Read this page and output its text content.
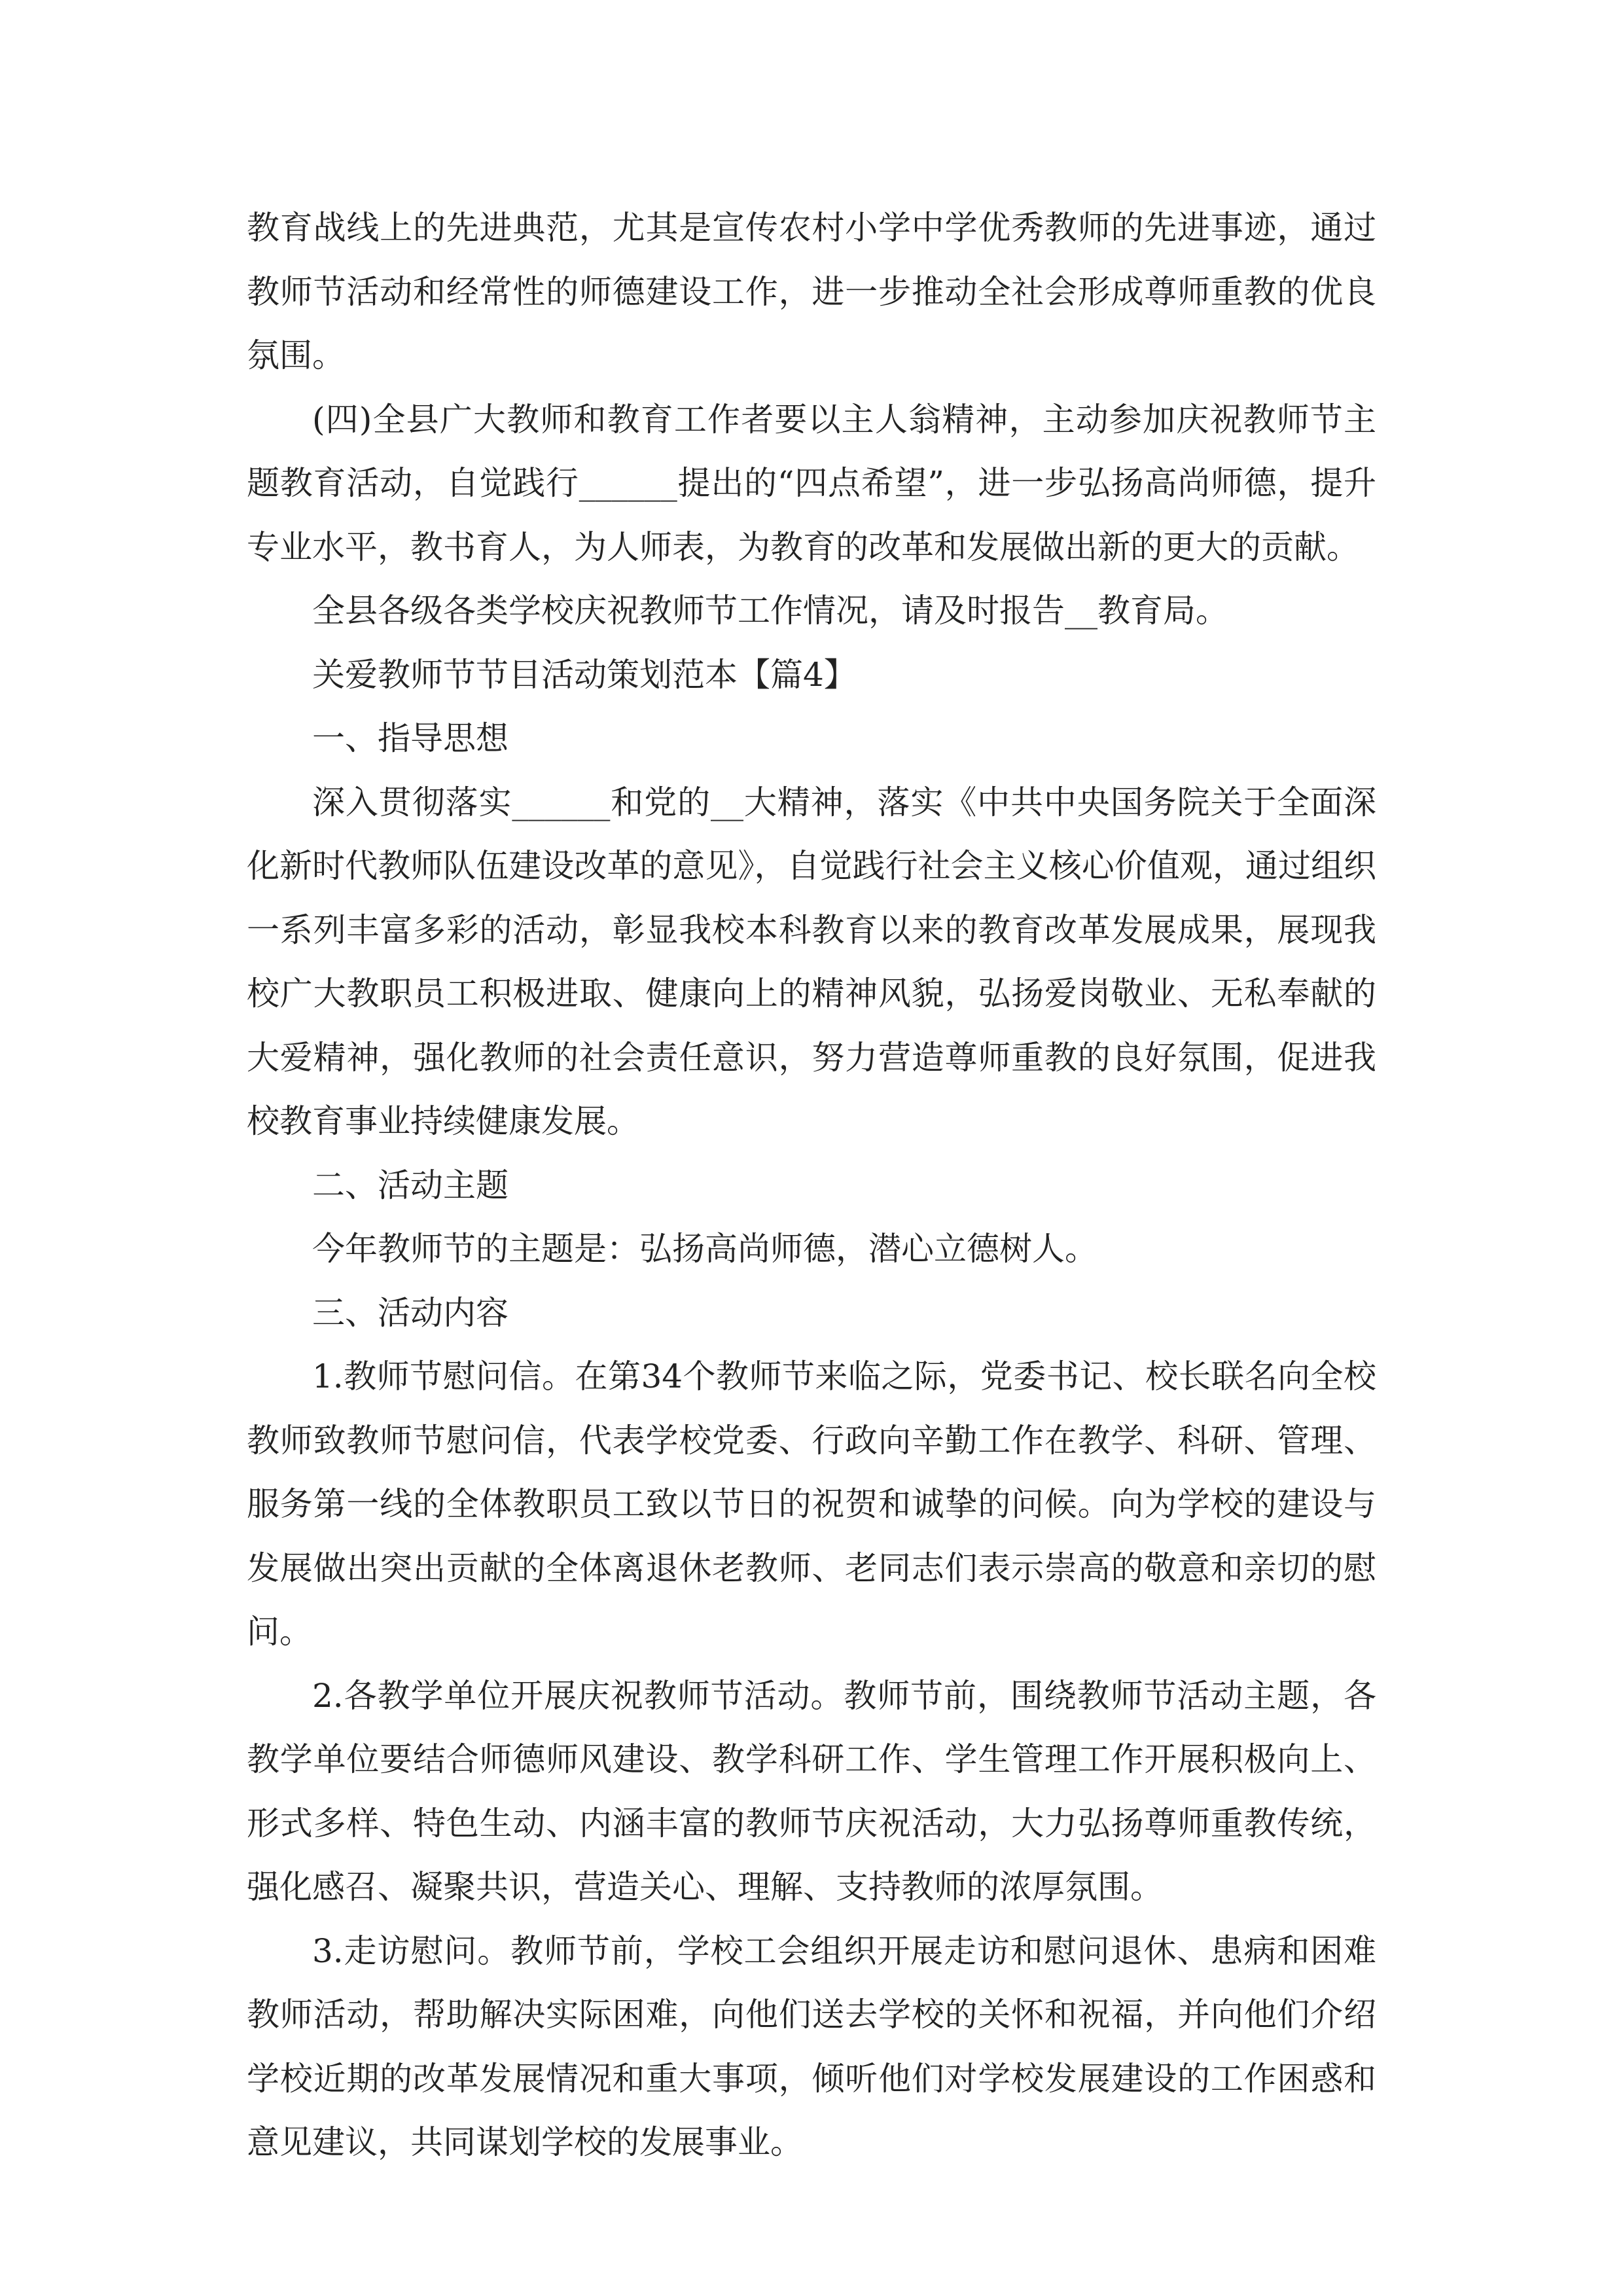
教育战线上的先进典范，尤其是宣传农村小学中学优秀教师的先进事迹，通过教师节活动和经常性的师德建设工作，进一步推动全社会形成尊师重教的优良氛围。

(四)全县广大教师和教育工作者要以主人翁精神，主动参加庆祝教师节主题教育活动，自觉践行______提出的“四点希望”，进一步弘扬高尚师德，提升专业水平，教书育人，为人师表，为教育的改革和发展做出新的更大的贡献。

全县各级各类学校庆祝教师节工作情况，请及时报告__教育局。

关爱教师节节目活动策划范本【篇4】

一、指导思想

深入贯彻落实______和党的__大精神，落实《中共中央国务院关于全面深化新时代教师队伍建设改革的意见》，自觉践行社会主义核心价值观，通过组织一系列丰富多彩的活动，彰显我校本科教育以来的教育改革发展成果，展现我校广大教职员工积极进取、健康向上的精神风貌，弘扬爱岗敬业、无私奉献的大爱精神，强化教师的社会责任意识，努力营造尊师重教的良好氛围，促进我校教育事业持续健康发展。

二、活动主题

今年教师节的主题是：弘扬高尚师德，潜心立德树人。

三、活动内容

1.教师节慰问信。在第34个教师节来临之际，党委书记、校长联名向全校教师致教师节慰问信，代表学校党委、行政向辛勤工作在教学、科研、管理、服务第一线的全体教职员工致以节日的祝贺和诚挚的问候。向为学校的建设与发展做出突出贡献的全体离退休老教师、老同志们表示崇高的敬意和亲切的慰问。

2.各教学单位开展庆祝教师节活动。教师节前，围绕教师节活动主题，各教学单位要结合师德师风建设、教学科研工作、学生管理工作开展积极向上、形式多样、特色生动、内涵丰富的教师节庆祝活动，大力弘扬尊师重教传统，强化感召、凝聚共识，营造关心、理解、支持教师的浓厚氛围。

3.走访慰问。教师节前，学校工会组织开展走访和慰问退休、患病和困难教师活动，帮助解决实际困难，向他们送去学校的关怀和祝福，并向他们介绍学校近期的改革发展情况和重大事项，倾听他们对学校发展建设的工作困惑和意见建议，共同谋划学校的发展事业。
